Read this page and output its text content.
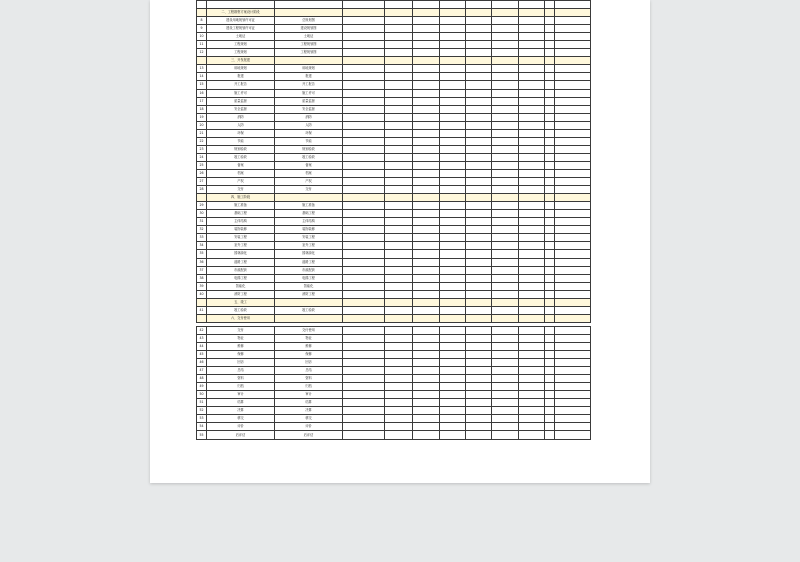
	二、工程勘察方案设计阶段										
8	建设用地规划许可证	总规划图									
9	建设工程规划许可证	建设规划图									
10	土地证	土地证									
11	工程规划	工程规划图									
12	工程规划	工程规划图									
	三、开发报建										
13	用地规划	用地规划									
14	报建	报建									
15	开工报告	开工报告									
16	施工许可	施工许可									
17	质量监督	质量监督									
18	安全监督	安全监督									
19	消防	消防									
20	人防	人防									
21	环保	环保									
22	节能	节能									
23	规划验收	规划验收									
24	竣工验收	竣工验收									
25	备案	备案									
26	档案	档案									
27	产权	产权									
28	交付	交付									
	四、施工阶段										
29	施工准备	施工准备									
30	基础工程	基础工程									
31	主体结构	主体结构									
32	装饰装修	装饰装修									
33	安装工程	安装工程									
34	室外工程	室外工程									
35	园林绿化	园林绿化									
36	道路工程	道路工程									
37	市政配套	市政配套									
38	电梯工程	电梯工程									
39	智能化	智能化									
40	消防工程	消防工程									
	五、竣工										
41	竣工验收	竣工验收									
	六、交付使用										

42	交付	交付使用									
43	物业	物业									
44	维修	维修									
45	保修	保修									
46	回访	回访									
47	总结	总结									
48	资料	资料									
49	归档	归档									
50	审计	审计									
51	结算	结算									
52	决算	决算									
53	移交	移交									
54	评价	评价									
55	后评估	后评估									
